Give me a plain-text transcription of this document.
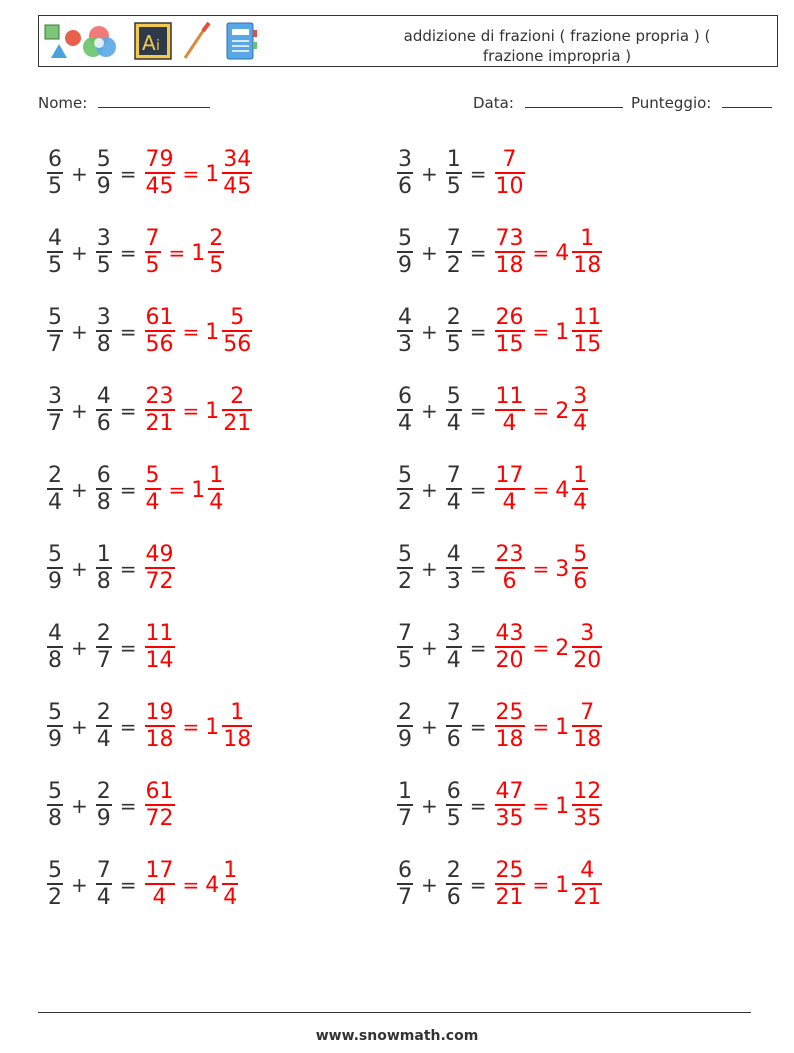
A i
addizione di frazioni ( frazione propria ) (
frazione impropria )
Nome:	Data:	Punteggio:
$\frac{6}{5} + \frac{5}{9} = \frac{79}{45} = 1 \frac{34}{45}$
$\frac{4}{5} + \frac{3}{5} = \frac{7}{5} = 1 \frac{2}{5}$
$\frac{5}{7} + \frac{3}{8} = \frac{61}{56} = 1 \frac{5}{56}$
$\frac{3}{7} + \frac{4}{6} = \frac{23}{21} = 1 \frac{2}{21}$
$\frac{2}{4} + \frac{6}{8} = \frac{5}{4} = 1 \frac{1}{4}$
$\frac{5}{9} + \frac{1}{8} = \frac{49}{72}$
$\frac{4}{8} + \frac{2}{7} = \frac{11}{14}$
$\frac{5}{9} + \frac{2}{4} = \frac{19}{18} = 1 \frac{1}{18}$
$\frac{5}{8} + \frac{2}{9} = \frac{61}{72}$
$\frac{5}{2} + \frac{7}{4} = \frac{17}{4} = 4 \frac{1}{4}$
$\frac{3}{6} + \frac{1}{5} = \frac{7}{10}$
$\frac{5}{9} + \frac{7}{2} = \frac{73}{18} = 4 \frac{1}{18}$
$\frac{4}{3} + \frac{2}{5} = \frac{26}{15} = 1 \frac{11}{15}$
$\frac{6}{4} + \frac{5}{4} = \frac{11}{4} = 2 \frac{3}{4}$
$\frac{5}{2} + \frac{7}{4} = \frac{17}{4} = 4 \frac{1}{4}$
$\frac{5}{2} + \frac{4}{3} = \frac{23}{6} = 3 \frac{5}{6}$
$\frac{7}{5} + \frac{3}{4} = \frac{43}{20} = 2 \frac{3}{20}$
$\frac{2}{9} + \frac{7}{6} = \frac{25}{18} = 1 \frac{7}{18}$
$\frac{1}{7} + \frac{6}{5} = \frac{47}{35} = 1 \frac{12}{35}$
$\frac{6}{7} + \frac{2}{6} = \frac{25}{21} = 1 \frac{4}{21}$
www.snowmath.com
